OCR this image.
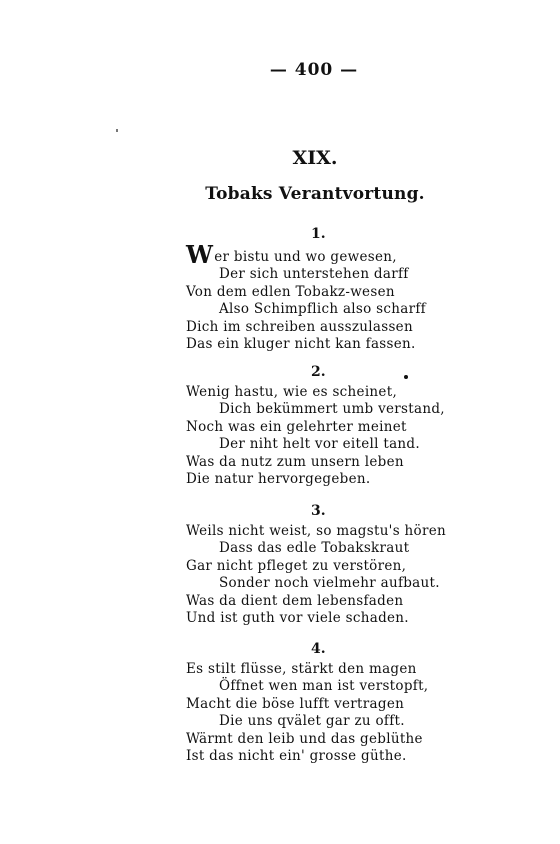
— 400 —
XIX.
Tobaks Verantvortung.
1.
Wer bistu und wo gewesen,
Der sich unterstehen darff
Von dem edlen Tobakz-wesen
Also Schimpflich also scharff
Dich im schreiben ausszulassen
Das ein kluger nicht kan fassen.
2.
Wenig hastu, wie es scheinet,
Dich bekümmert umb verstand,
Noch was ein gelehrter meinet
Der niht helt vor eitell tand.
Was da nutz zum unsern leben
Die natur hervorgegeben.
3.
Weils nicht weist, so magstu's hören
Dass das edle Tobakskraut
Gar nicht pfleget zu verstören,
Sonder noch vielmehr aufbaut.
Was da dient dem lebensfaden
Und ist guth vor viele schaden.
4.
Es stilt flüsse, stärkt den magen
Öffnet wen man ist verstopft,
Macht die böse lufft vertragen
Die uns qvälet gar zu offt.
Wärmt den leib und das geblüthe
Ist das nicht ein' grosse güthe.
